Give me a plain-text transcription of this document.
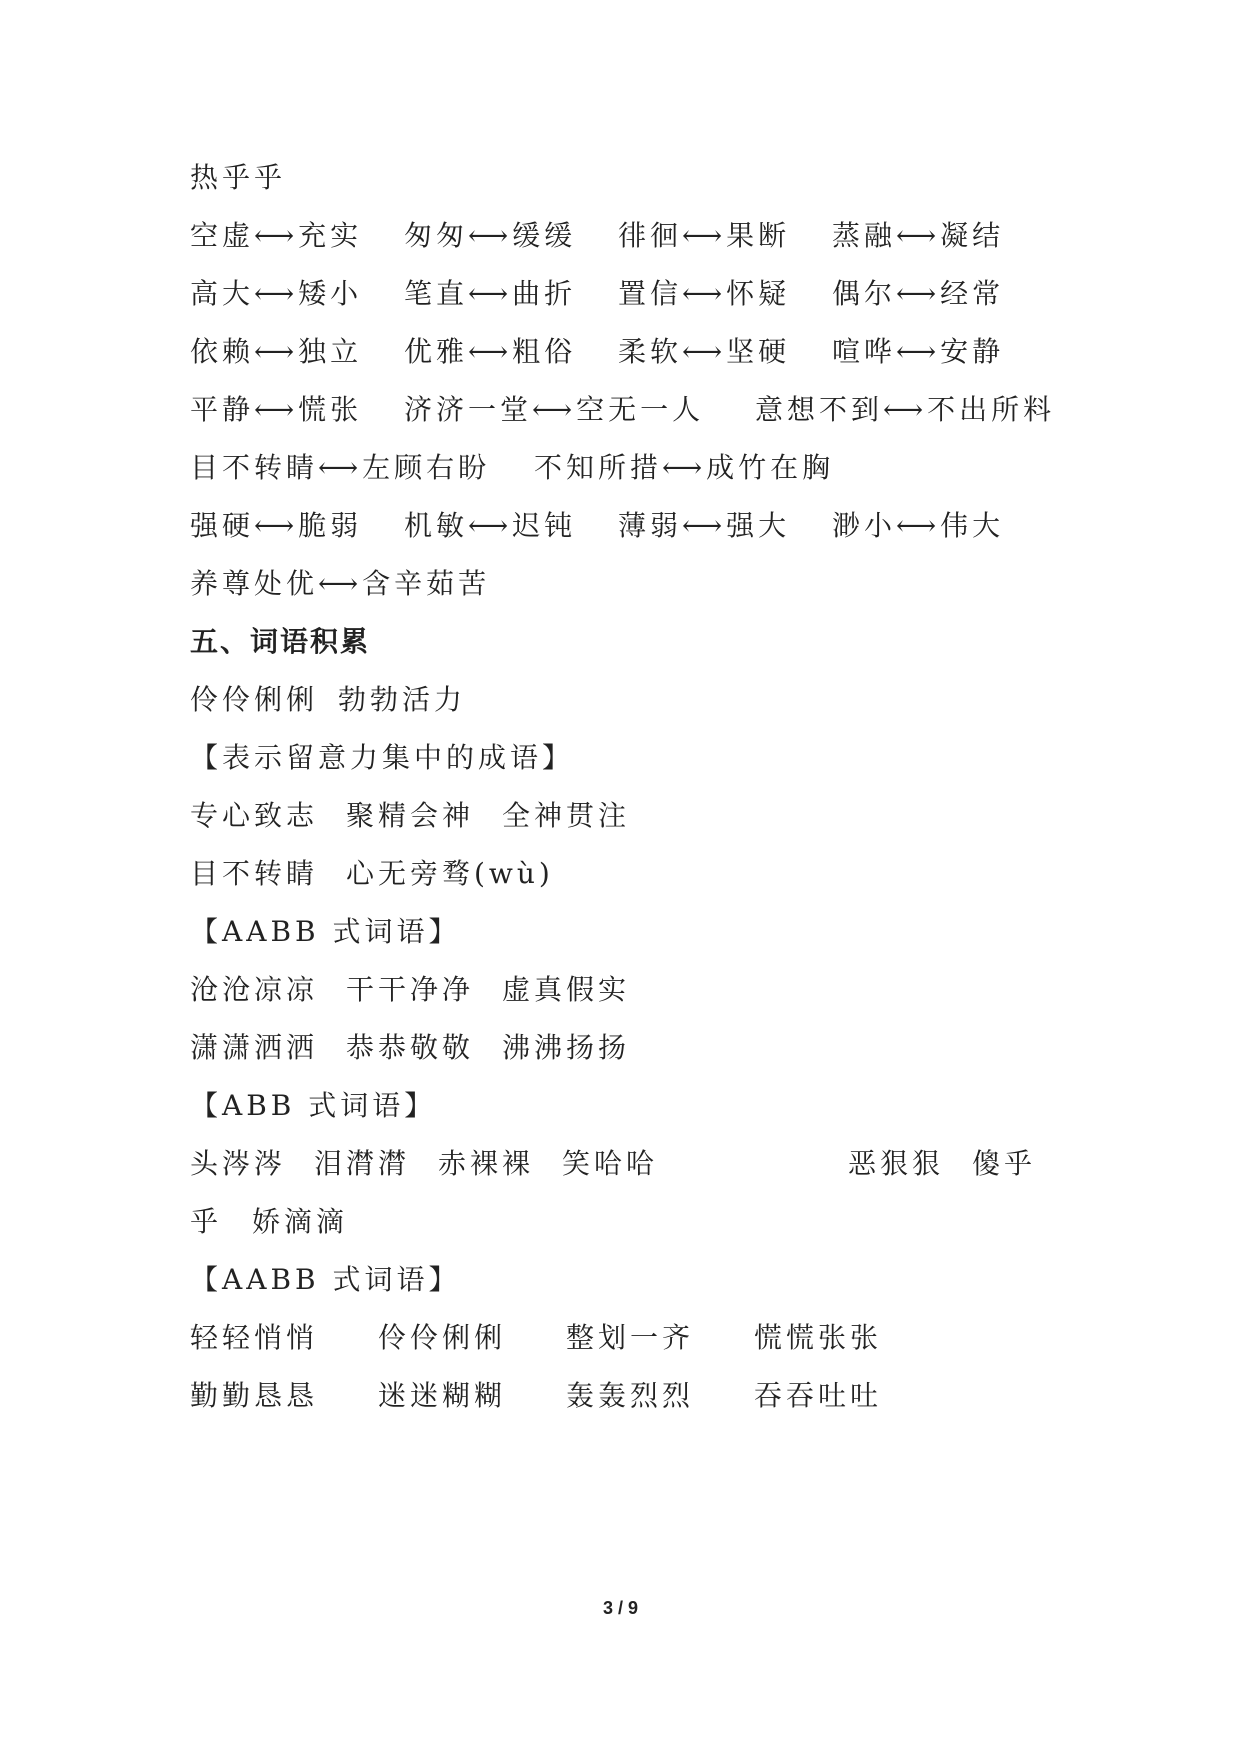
热乎乎
空虚⟷充实 匆匆⟷缓缓 徘徊⟷果断 蒸融⟷凝结
高大⟷矮小 笔直⟷曲折 置信⟷怀疑 偶尔⟷经常
依赖⟷独立 优雅⟷粗俗 柔软⟷坚硬 喧哗⟷安静
平静⟷慌张 济济一堂⟷空无一人 意想不到⟷不出所料
目不转睛⟷左顾右盼 不知所措⟷成竹在胸
强硬⟷脆弱 机敏⟷迟钝 薄弱⟷强大 渺小⟷伟大
养尊处优⟷含辛茹苦
五、词语积累
伶伶俐俐 勃勃活力
【表示留意力集中的成语】
专心致志 聚精会神 全神贯注
目不转睛 心无旁骛(wù)
【AABB 式词语】
沧沧凉凉 干干净净 虚真假实
潇潇洒洒 恭恭敬敬 沸沸扬扬
【ABB 式词语】
头涔涔 泪潸潸 赤裸裸 笑哈哈	恶狠狠 傻乎
乎 娇滴滴
【AABB 式词语】
轻轻悄悄 伶伶俐俐 整划一齐 慌慌张张
勤勤恳恳 迷迷糊糊 轰轰烈烈 吞吞吐吐
3 / 9
